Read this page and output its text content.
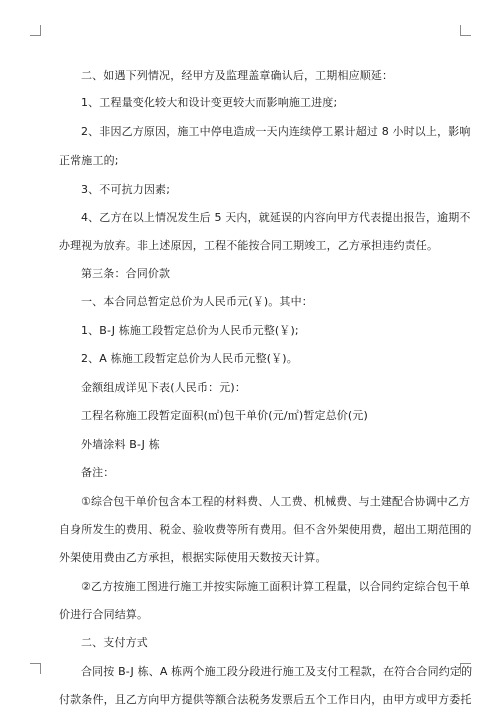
二、如遇下列情况，经甲方及监理盖章确认后，工期相应顺延：
1、工程量变化较大和设计变更较大而影响施工进度;
2、非因乙方原因，施工中停电造成一天内连续停工累计超过 8 小时以上，影响
正常施工的;
3、不可抗力因素;
4、乙方在以上情况发生后 5 天内，就延误的内容向甲方代表提出报告，逾期不
办理视为放弃。非上述原因，工程不能按合同工期竣工，乙方承担违约责任。
第三条：合同价款
一、本合同总暂定总价为人民币元(￥)。其中：
1、B-J 栋施工段暂定总价为人民币元整(￥);
2、A 栋施工段暂定总价为人民币元整(￥)。
金额组成详见下表(人民币：元)：
工程名称施工段暂定面积(㎡)包干单价(元/㎡)暂定总价(元)
外墙涂料 B-J 栋
备注：
①综合包干单价包含本工程的材料费、人工费、机械费、与土建配合协调中乙方
自身所发生的费用、税金、验收费等所有费用。但不含外架使用费，超出工期范围的
外架使用费由乙方承担，根据实际使用天数按天计算。
②乙方按施工图进行施工并按实际施工面积计算工程量，以合同约定综合包干单
价进行合同结算。
二、支付方式
合同按 B-J 栋、A 栋两个施工段分段进行施工及支付工程款，在符合合同约定的
付款条件，且乙方向甲方提供等额合法税务发票后五个工作日内，由甲方或甲方委托
